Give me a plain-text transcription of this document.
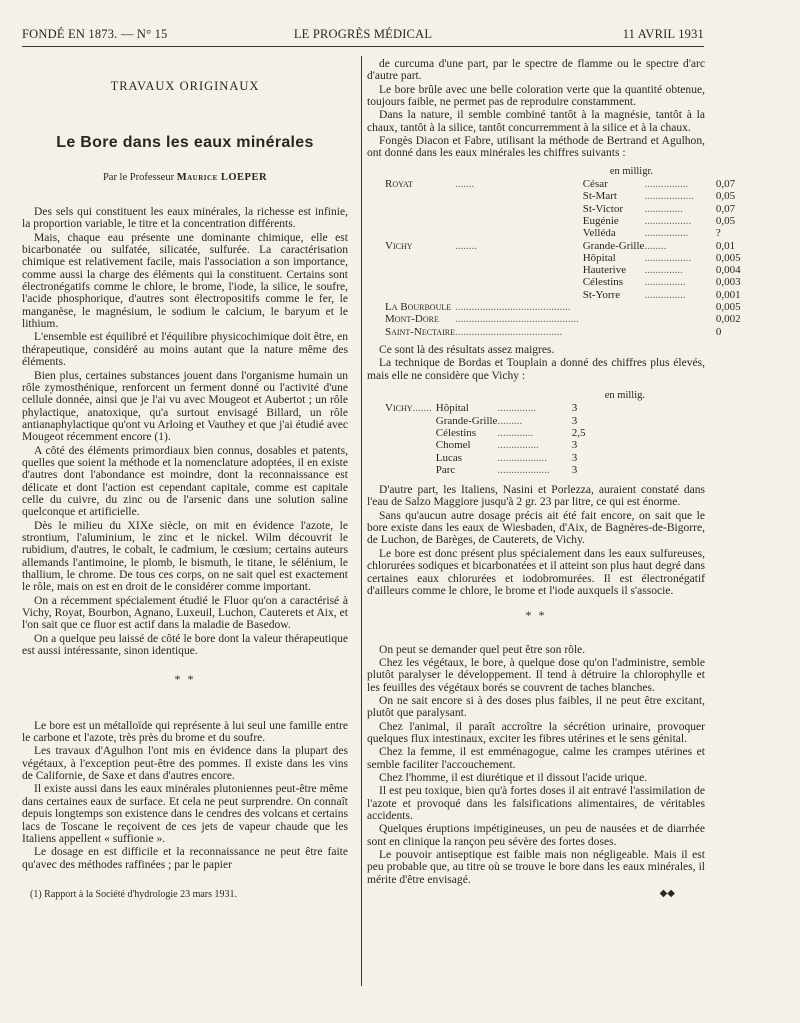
FONDÉ EN 1873. — N° 15	LE PROGRÈS MÉDICAL	11 AVRIL 1931
TRAVAUX ORIGINAUX
Le Bore dans les eaux minérales
Par le Professeur Maurice LOEPER
Des sels qui constituent les eaux minérales, la richesse est infinie, la proportion variable, le titre et la concentration différents.
Mais, chaque eau présente une dominante chimique, elle est bicarbonatée ou sulfatée, silicatée, sulfurée. La caractérisation chimique est relativement facile, mais l'association a son importance, comme aussi la charge des éléments qui la constituent. Certains sont électronégatifs comme le chlore, le brome, l'iode, la silice, le soufre, l'acide phosphorique, d'autres sont électropositifs comme le fer, le manganèse, le magnésium, le sodium le calcium, le baryum et le lithium.
L'ensemble est équilibré et l'équilibre physicochimique doit être, en thérapeutique, considéré au moins autant que la nature même des éléments.
Bien plus, certaines substances jouent dans l'organisme humain un rôle zymosthénique, renforcent un ferment donné ou l'activité d'une cellule donnée, ainsi que je l'ai vu avec Mougeot et Aubertot ; un rôle phylactique, anatoxique, qu'a surtout envisagé Billard, un rôle antianaphylactique qu'ont vu Arloing et Vauthey et que j'ai étudié avec Mougeot récemment encore (1).
A côté des éléments primordiaux bien connus, dosables et patents, quelles que soient la méthode et la nomenclature adoptées, il en existe d'autres dont l'abondance est moindre, dont la reconnaissance est délicate et dont l'action est cependant capitale, comme est capitale celle du cuivre, du zinc ou de l'arsenic dans une solution saline quelconque et artificielle.
Dès le milieu du XIXe siècle, on mit en évidence l'azote, le strontium, l'aluminium, le zinc et le nickel. Wilm découvrit le rubidium, d'autres, le cobalt, le cadmium, le cœsium; certains auteurs allemands l'antimoine, le plomb, le bismuth, le titane, le sélénium, le thallium, le chrome. De tous ces corps, on ne sait quel est exactement le rôle, mais on est en droit de le considérer comme important.
On a récemment spécialement étudié le Fluor qu'on a caractérisé à Vichy, Royat, Bourbon, Agnano, Luxeuil, Luchon, Cauterets et Aix, et l'on sait que ce fluor est actif dans la maladie de Basedow.
On a quelque peu laissé de côté le bore dont la valeur thérapeutique est aussi intéressante, sinon identique.
* *
Le bore est un métalloïde qui représente à lui seul une famille entre le carbone et l'azote, très près du brome et du soufre.
Les travaux d'Agulhon l'ont mis en évidence dans la plupart des végétaux, à l'exception peut-être des pommes. Il existe dans les vins de Californie, de Saxe et dans d'autres encore.
Il existe aussi dans les eaux minérales plutoniennes peut-être même dans certaines eaux de surface. Et cela ne peut surprendre. On connaît depuis longtemps son existence dans le cendres des volcans et certains lacs de Toscane le reçoivent de ces jets de vapeur chaude que les Italiens appellent « suffionie ».
Le dosage en est difficile et la reconnaissance ne peut être faite qu'avec des méthodes raffinées ; par le papier
(1) Rapport à la Société d'hydrologie 23 mars 1931.
de curcuma d'une part, par le spectre de flamme ou le spectre d'arc d'autre part.
Le bore brûle avec une belle coloration verte que la quantité obtenue, toujours faible, ne permet pas de reproduire constamment.
Dans la nature, il semble combiné tantôt à la magnésie, tantôt à la chaux, tantôt à la silice, tantôt concurremment à la silice et à la chaux.
Fongès Diacon et Fabre, utilisant la méthode de Bertrand et Agulhon, ont donné dans les eaux minérales les chiffres suivants :
en milligr.
Royat	.......	César	................	0,07
		St-Mart	..................	0,05
		St-Victor	..............	0,07
		Eugénie	.................	0,05
		Velléda	................	?
Vichy	........	Grande-Grille	........	0,01
		Hôpital	.................	0,005
		Hauterive	..............	0,004
		Célestins	...............	0,003
		St-Yorre	...............	0,001
La Bourboule	..........................................			0,005
Mont-Dore	.............................................			0,002
Saint-Nectaire	.......................................			0
Ce sont là des résultats assez maigres.
La technique de Bordas et Touplain a donné des chiffres plus élevés, mais elle ne considère que Vichy :
en millig.
Vichy	.......	Hôpital	..............	3
		Grande-Grille	.........	3
		Célestins	.............	2,5
		Chomel	...............	3
		Lucas	..................	3
		Parc	...................	3
D'autre part, les Italiens, Nasini et Porlezza, auraient constaté dans l'eau de Salzo Maggiore jusqu'à 2 gr. 23 par litre, ce qui est énorme.
Sans qu'aucun autre dosage précis ait été fait encore, on sait que le bore existe dans les eaux de Wiesbaden, d'Aix, de Bagnères-de-Bigorre, de Luchon, de Barèges, de Cauterets, de Vichy.
Le bore est donc présent plus spécialement dans les eaux sulfureuses, chlorurées sodiques et bicarbonatées et il atteint son plus haut degré dans certaines eaux chlorurées et iodobromurées. Il est électronégatif d'ailleurs comme le chlore, le brome et l'iode auxquels il s'associe.
* *
On peut se demander quel peut être son rôle.
Chez les végétaux, le bore, à quelque dose qu'on l'administre, semble plutôt paralyser le développement. Il tend à détruire la chlorophylle et les feuilles des végétaux borés se couvrent de taches blanches.
On ne sait encore si à des doses plus faibles, il ne peut être excitant, plutôt que paralysant.
Chez l'animal, il paraît accroître la sécrétion urinaire, provoquer quelques flux intestinaux, exciter les fibres utérines et le sens génital.
Chez la femme, il est emménagogue, calme les crampes utérines et semble faciliter l'accouchement.
Chez l'homme, il est diurétique et il dissout l'acide urique.
Il est peu toxique, bien qu'à fortes doses il ait entravé l'assimilation de l'azote et provoqué dans les falsifications alimentaires, de véritables accidents.
Quelques éruptions impétigineuses, un peu de nausées et de diarrhée sont en clinique la rançon peu sévère des fortes doses.
Le pouvoir antiseptique est faible mais non négligeable. Mais il est peu probable que, au titre où se trouve le bore dans les eaux minérales, il mérite d'être envisagé.
◆◆
